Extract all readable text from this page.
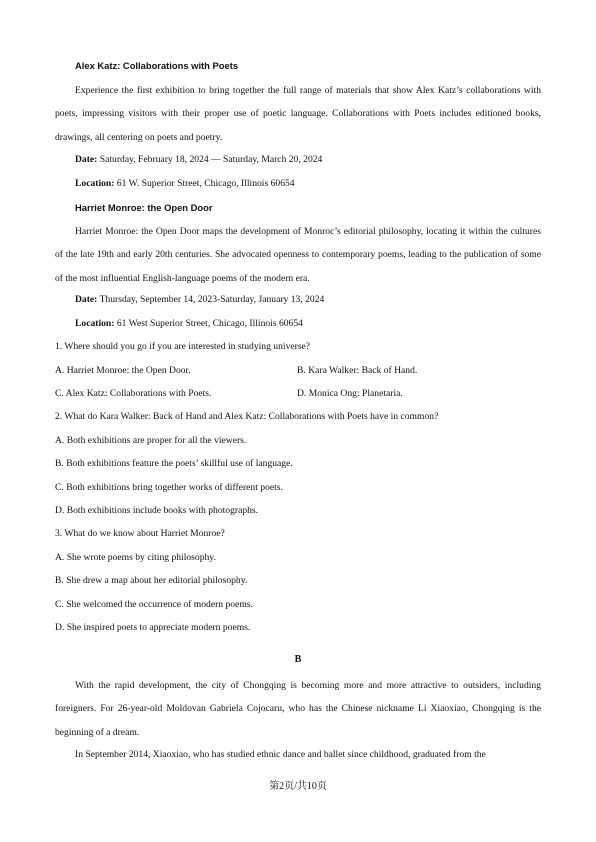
Alex Katz: Collaborations with Poets
Experience the first exhibition to bring together the full range of materials that show Alex Katz’s collaborations with poets, impressing visitors with their proper use of poetic language. Collaborations with Poets includes editioned books, drawings, all centering on poets and poetry.
Date: Saturday, February 18, 2024 — Saturday, March 20, 2024
Location: 61 W. Superior Street, Chicago, Illinois 60654
Harriet Monroe: the Open Door
Harriet Monroe: the Open Door maps the development of Monroc’s editorial philosophy, locating it within the cultures of the late 19th and early 20th centuries. She advocated openness to contemporary poems, leading to the publication of some of the most influential English-language poems of the modern era.
Date: Thursday, September 14, 2023-Saturday, January 13, 2024
Location: 61 West Superior Street, Chicago, Illinois 60654
1. Where should you go if you are interested in studying universe?
A. Harriet Monroe: the Open Door.	B. Kara Walker: Back of Hand.
C. Alex Katz: Collaborations with Poets.	D. Monica Ong: Planetaria.
2. What do Kara Walker: Back of Hand and Alex Katz: Collaborations with Poets have in common?
A. Both exhibitions are proper for all the viewers.
B. Both exhibitions feature the poets’ skillful use of language.
C. Both exhibitions bring together works of different poets.
D. Both exhibitions include books with photographs.
3. What do we know about Harriet Monroe?
A. She wrote poems by citing philosophy.
B. She drew a map about her editorial philosophy.
C. She welcomed the occurrence of modern poems.
D. She inspired poets to appreciate modern poems.
B
With the rapid development, the city of Chongqing is becoming more and more attractive to outsiders, including foreigners. For 26-year-old Moldovan Gabriela Cojocaru, who has the Chinese nickname Li Xiaoxiao, Chongqing is the beginning of a dream.
In September 2014, Xiaoxiao, who has studied ethnic dance and ballet since childhood, graduated from the
第2页/共10页
